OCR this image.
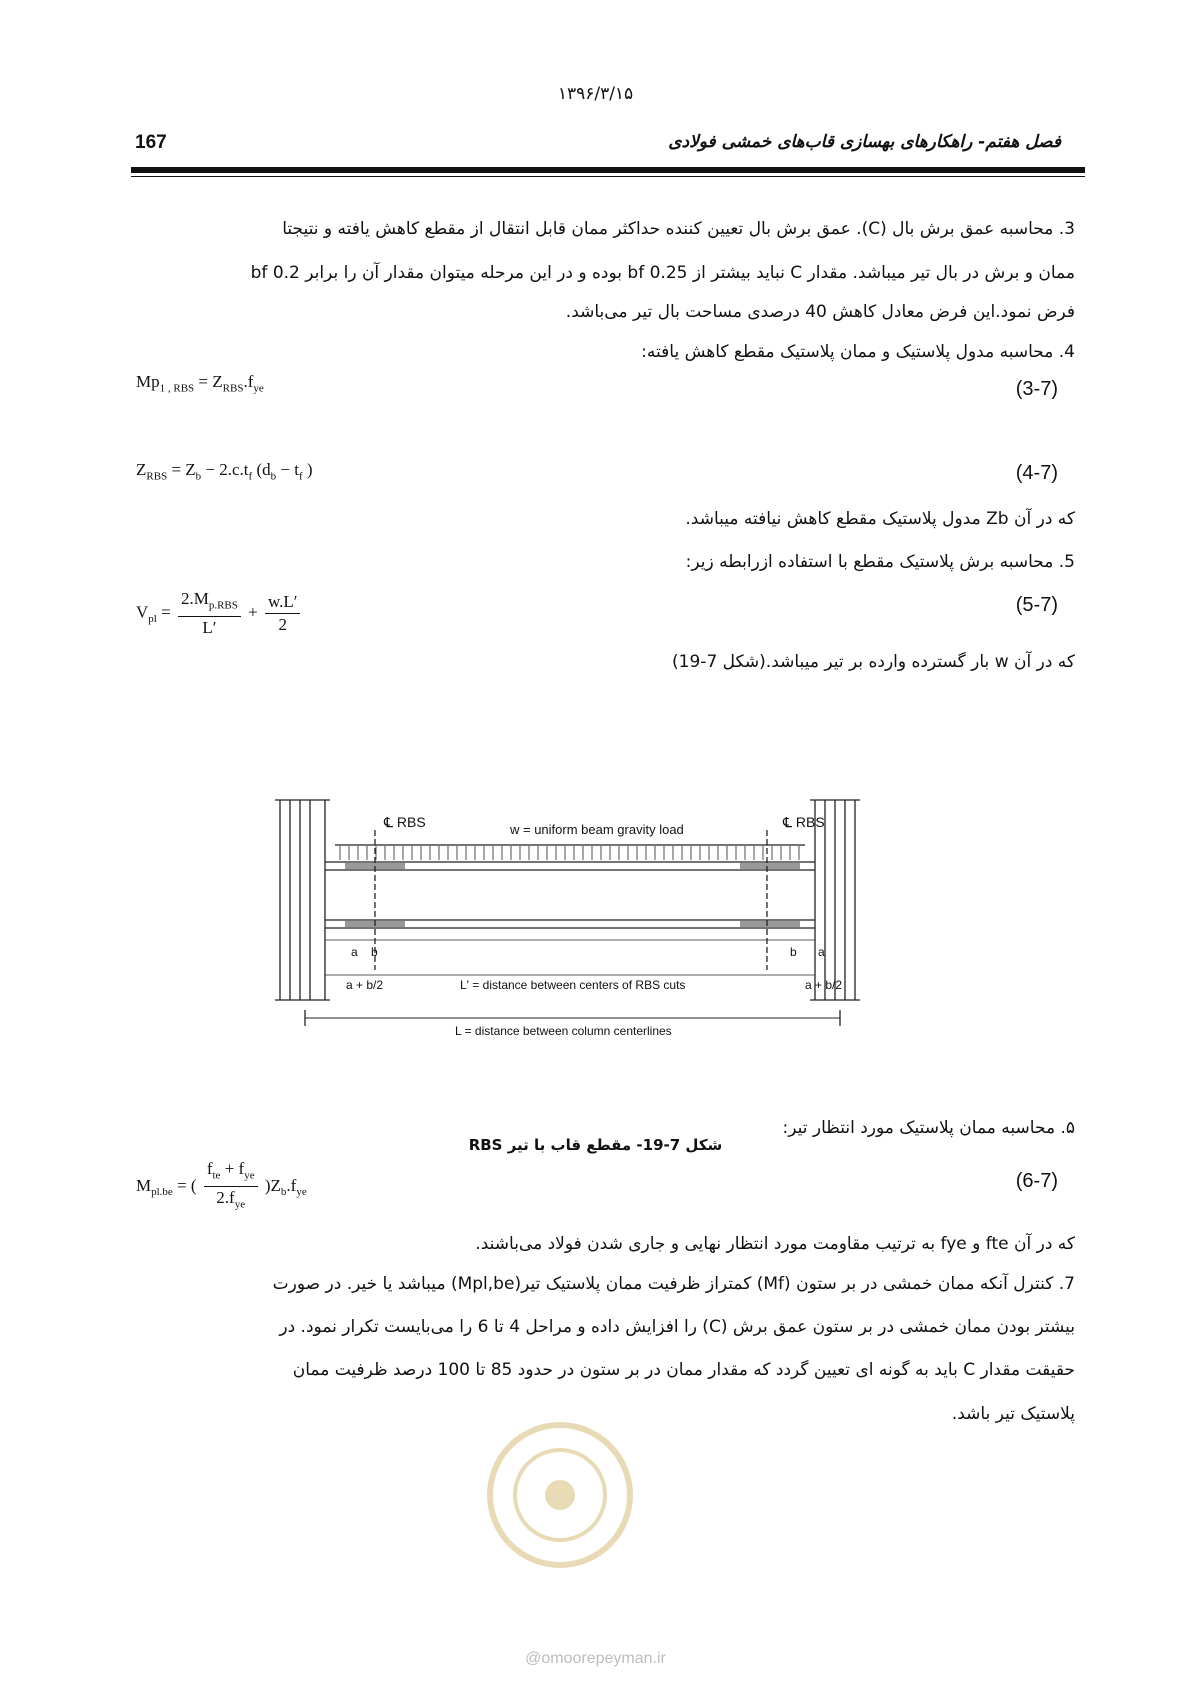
۱۳۹۶/۳/۱۵
167	فصل هفتم- راهکارهای بهسازی قاب‌های خمشی فولادی
3. محاسبه عمق برش بال (C). عمق برش بال تعیین کننده حداکثر ممان قابل انتقال از مقطع کاهش یافته و نتیجتا
ممان و برش در بال تیر میباشد. مقدار C نباید بیشتر از 0.25 bf بوده و در این مرحله میتوان مقدار آن را برابر 0.2 bf
فرض نمود.این فرض معادل کاهش 40 درصدی مساحت بال تیر می‌باشد.
4. محاسبه مدول پلاستیک و ممان پلاستیک مقطع کاهش یافته:
$Mp_{1 , RBS} = Z_{RBS}.f_{ye}$	(3-7)
$Z_{RBS} = Z_b - 2.c.t_f$ ($d_b - t_f$ )	(4-7)
که در آن Zb مدول پلاستیک مقطع کاهش نیافته میباشد.
5. محاسبه برش پلاستیک مقطع با استفاده ازرابطه زیر:
$V_{pl} = \frac{2.M_{p.RBS}}{L'} + \frac{w.L'}{2}$	(5-7)
که در آن w بار گسترده وارده بر تیر میباشد.(شکل 7-19)
℄ RBS	℄ RBS
w = uniform beam gravity load
a b	b a
L' = distance between centers of RBS cuts
a + b/2	a + b/2
L = distance between column centerlines
شکل 7-19- مقطع قاب با تیر RBS
۵. محاسبه ممان پلاستیک مورد انتظار تیر:
$M_{pl.be}$ = ( $\frac{f_{te} + f_{ye}}{2.f_{ye}} )Z_b.f_{ye}$
(6-7)
که در آن fte و fye به ترتیب مقاومت مورد انتظار نهایی و جاری شدن فولاد می‌باشند.
7. کنترل آنکه ممان خمشی در بر ستون (Mf) کمتراز ظرفیت ممان پلاستیک تیر(Mpl,be) میباشد یا خیر. در صورت
بیشتر بودن ممان خمشی در بر ستون عمق برش (C) را افزایش داده و مراحل 4 تا 6 را می‌بایست تکرار نمود. در
حقیقت مقدار C باید به گونه ای تعیین گردد که مقدار ممان در بر ستون در حدود 85 تا 100 درصد ظرفیت ممان
پلاستیک تیر باشد.
@omoorepeyman.ir
